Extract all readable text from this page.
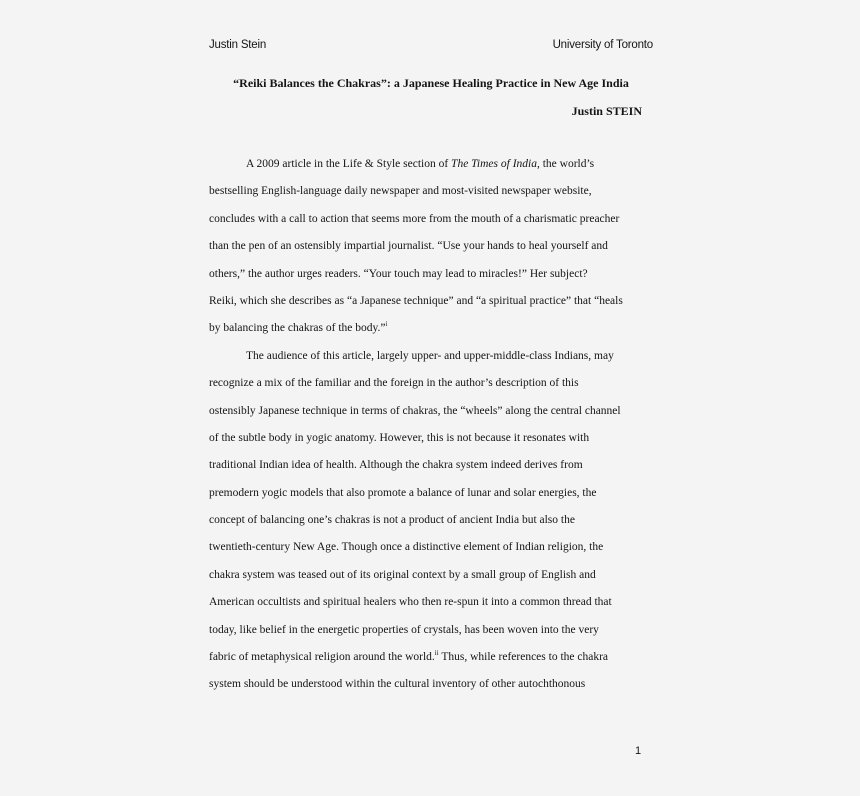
Justin Stein	University of Toronto
“Reiki Balances the Chakras”: a Japanese Healing Practice in New Age India
Justin STEIN
A 2009 article in the Life & Style section of The Times of India, the world’s
bestselling English-language daily newspaper and most-visited newspaper website,
concludes with a call to action that seems more from the mouth of a charismatic preacher
than the pen of an ostensibly impartial journalist. “Use your hands to heal yourself and
others,” the author urges readers. “Your touch may lead to miracles!” Her subject?
Reiki, which she describes as “a Japanese technique” and “a spiritual practice” that “heals
by balancing the chakras of the body.”$^i$
The audience of this article, largely upper- and upper-middle-class Indians, may
recognize a mix of the familiar and the foreign in the author’s description of this
ostensibly Japanese technique in terms of chakras, the “wheels” along the central channel
of the subtle body in yogic anatomy. However, this is not because it resonates with
traditional Indian idea of health. Although the chakra system indeed derives from
premodern yogic models that also promote a balance of lunar and solar energies, the
concept of balancing one’s chakras is not a product of ancient India but also the
twentieth-century New Age. Though once a distinctive element of Indian religion, the
chakra system was teased out of its original context by a small group of English and
American occultists and spiritual healers who then re-spun it into a common thread that
today, like belief in the energetic properties of crystals, has been woven into the very
fabric of metaphysical religion around the world.$^{ii}$ Thus, while references to the chakra
system should be understood within the cultural inventory of other autochthonous
1
